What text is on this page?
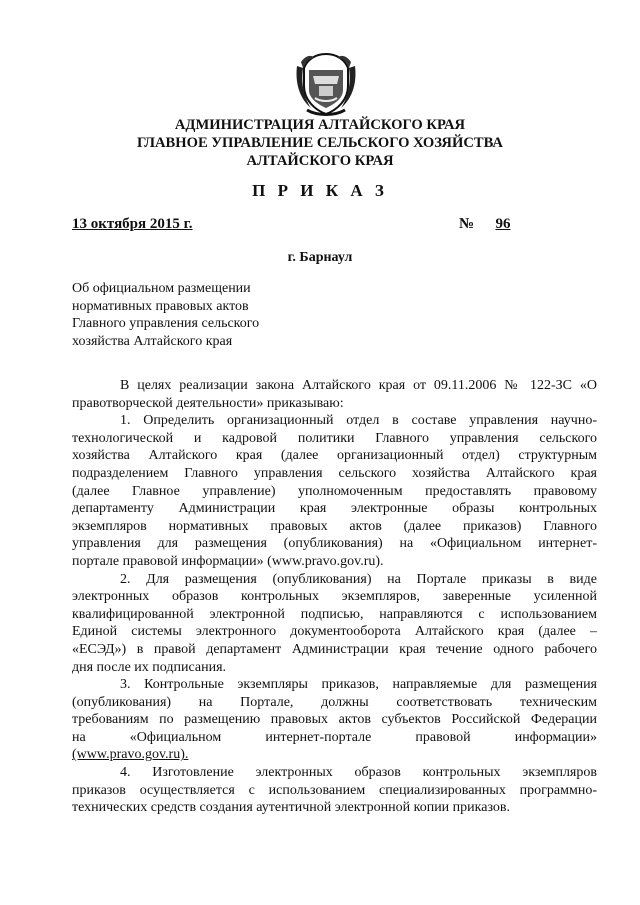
АДМИНИСТРАЦИЯ АЛТАЙСКОГО КРАЯ
ГЛАВНОЕ УПРАВЛЕНИЕ СЕЛЬСКОГО ХОЗЯЙСТВА
АЛТАЙСКОГО КРАЯ
П Р И К А З
13 октября 2015 г.	№	96
г. Барнаул
Об официальном размещении
нормативных правовых актов
Главного управления сельского
хозяйства Алтайского края

В целях реализации закона Алтайского края от 09.11.2006 № 122-ЗС «О
правотворческой деятельности» приказываю:

1. Определить организационный отдел в составе управления научно-
технологической и кадровой политики Главного управления сельского
хозяйства Алтайского края (далее организационный отдел) структурным
подразделением Главного управления сельского хозяйства Алтайского края
(далее Главное управление) уполномоченным предоставлять правовому
департаменту Администрации края электронные образы контрольных
экземпляров нормативных правовых актов (далее приказов) Главного
управления для размещения (опубликования) на «Официальном интернет-
портале правовой информации» (www.pravo.gov.ru).

2. Для размещения (опубликования) на Портале приказы в виде
электронных образов контрольных экземпляров, заверенные усиленной
квалифицированной электронной подписью, направляются с использованием
Единой системы электронного документооборота Алтайского края (далее –
«ЕСЭД») в правой департамент Администрации края течение одного рабочего
дня после их подписания.

3. Контрольные экземпляры приказов, направляемые для размещения
(опубликования) на Портале, должны соответствовать техническим
требованиям по размещению правовых актов субъектов Российской Федерации
на «Официальном интернет-портале правовой информации»
(www.pravo.gov.ru).

4. Изготовление электронных образов контрольных экземпляров
приказов осуществляется с использованием специализированных программно-
технических средств создания аутентичной электронной копии приказов.
